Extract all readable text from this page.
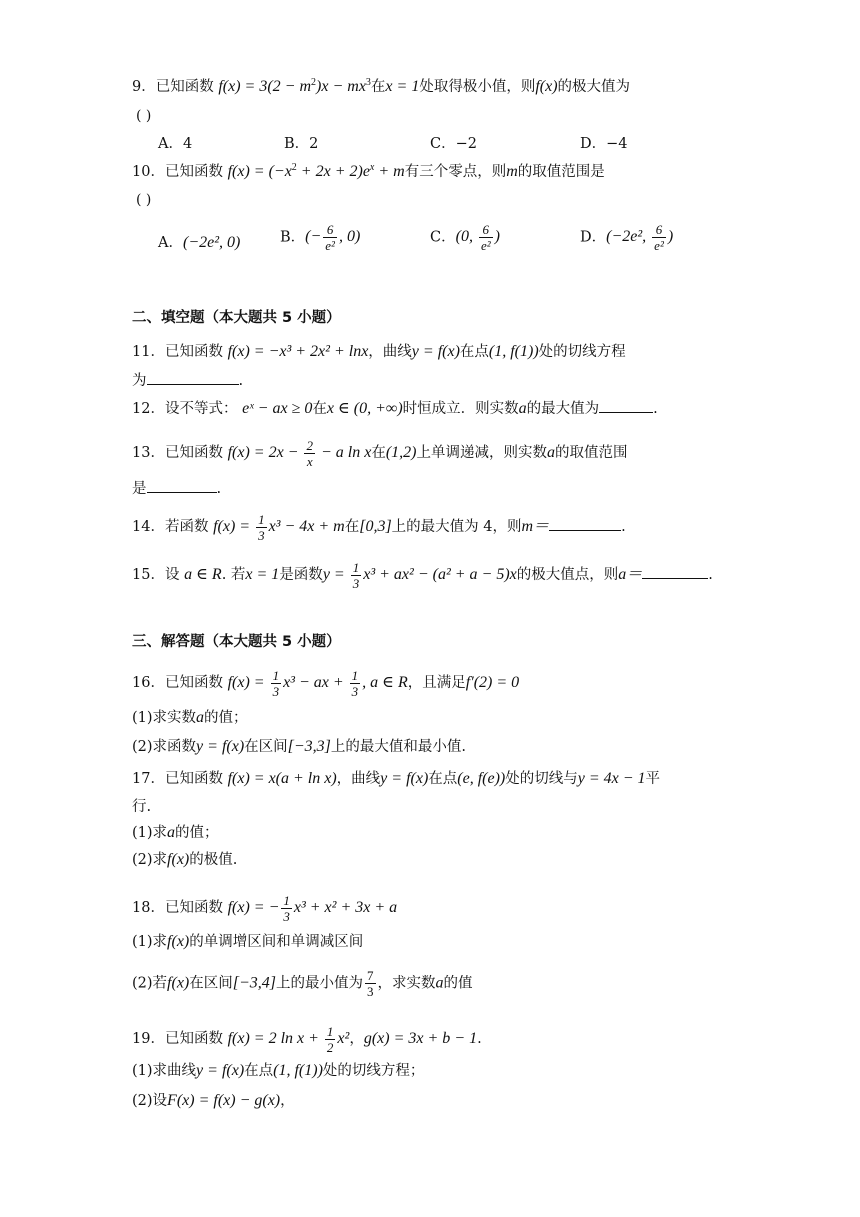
9．已知函数 $f(x) = 3(2 - m^2)x - mx^3$在x = 1处取得极小值，则f(x)的极大值为
( )
A．4	B．2	C．−2	D．−4
10．已知函数 $f(x) = (-x^2 + 2x + 2)e^x + m$有三个零点，则m的取值范围是
( )
A．(−2e², 0)	B．(− $\frac{6}{\text{e²}}$ , 0)	C．(0, $\frac{6}{\text{e²}}$ )	D．(−2e², $\frac{6}{\text{e²}}$ )
二、填空题（本大题共 5 小题）
11．已知函数 f(x) = −x³ + 2x² + lnx，曲线y = f(x)在点(1, f(1))处的切线方程
为	.
12．设不等式： eˣ − ax ≥ 0在x ∈ (0, +∞)时恒成立．则实数a的最大值为	.
13．已知函数 $f(x) = 2x - \frac{2}{x} - a$ ln x在(1,2)上单调递减，则实数a的取值范围
是	.
14．若函数 $f(x) = \frac{1}{3} x^3 - 4x + m$在[0,3]上的最大值为 4，则m＝	.
15．设 a ∈ R. 若x = 1是函数$y = \frac{1}{3} x^3 + ax^2 - (a^2 + a - 5)x$的极大值点，则a＝	.
三、解答题（本大题共 5 小题）
16．已知函数 $f(x) = \frac{1}{3} x^3$ − ax + $\frac{1}{3}$ , a ∈ R，且满足f′(2) = 0
(1)求实数a的值；
(2)求函数y = f(x)在区间[−3,3]上的最大值和最小值.
17．已知函数 f(x) = x(a + ln x)，曲线y = f(x)在点(e, f(e))处的切线与y = 4x − 1平
行.
(1)求a的值；
(2)求f(x)的极值.
18．已知函数 f(x) = − $\frac{1}{3} x^3 + x^2 + 3x + a$
(1)求f(x)的单调增区间和单调减区间
(2)若f(x)在区间[−3,4]上的最小值为 $\frac{7}{3}$ ，求实数a的值
19．已知函数 f(x) = 2 $\ln x + \frac{1}{2} x^2$，g(x) = 3x + b − 1.
(1)求曲线y = f(x)在点(1, f(1))处的切线方程；
(2)设F(x) = f(x) − g(x)，
